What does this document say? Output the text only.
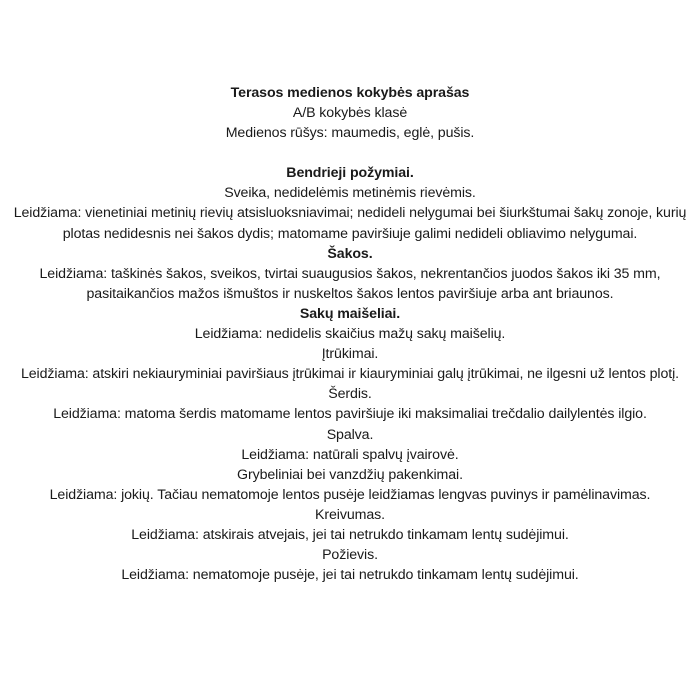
Terasos medienos kokybės aprašas
A/B kokybės klasė
Medienos rūšys: maumedis, eglė, pušis.
Bendrieji požymiai.
Sveika, nedidelėmis metinėmis rievėmis.
Leidžiama: vienetiniai metinių rievių atsisluoksniavimai; nedideli nelygumai bei šiurkštumai šakų zonoje, kurių plotas nedidesnis nei šakos dydis; matomame paviršiuje galimi nedideli obliavimo nelygumai.
Šakos.
Leidžiama: taškinės šakos, sveikos, tvirtai suaugusios šakos, nekrentančios juodos šakos iki 35 mm, pasitaikančios mažos išmuštos ir nuskeltos šakos lentos paviršiuje arba ant briaunos.
Sakų maišeliai.
Leidžiama: nedidelis skaičius mažų sakų maišelių.
Įtrūkimai.
Leidžiama: atskiri nekiauryminiai paviršiaus įtrūkimai ir kiauryminiai galų įtrūkimai, ne ilgesni už lentos plotį.
Šerdis.
Leidžiama: matoma šerdis matomame lentos paviršiuje iki maksimaliai trečdalio dailylentės ilgio.
Spalva.
Leidžiama: natūrali spalvų įvairovė.
Grybeliniai bei vanzdžių pakenkimai.
Leidžiama: jokių. Tačiau nematomoje lentos pusėje leidžiamas lengvas puvinys ir pamėlinavimas.
Kreivumas.
Leidžiama: atskirais atvejais, jei tai netrukdo tinkamam lentų sudėjimui.
Požievis.
Leidžiama: nematomoje pusėje, jei tai netrukdo tinkamam lentų sudėjimui.
